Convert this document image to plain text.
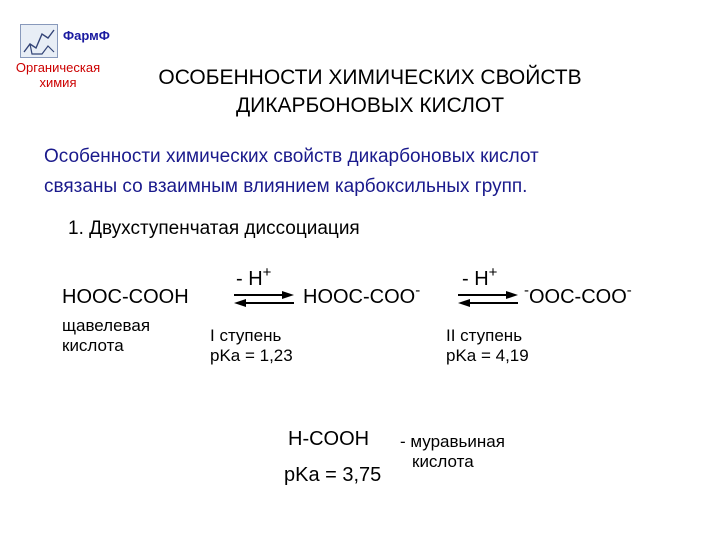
ФармФ
Органическая
химия	ОСОБЕННОСТИ ХИМИЧЕСКИХ СВОЙСТВ
ДИКАРБОНОВЫХ КИСЛОТ
Особенности химических свойств дикарбоновых кислот
связаны со взаимным влиянием карбоксильных групп.
1. Двухступенчатая диссоциация
HOOC-COOH
щавелевая
кислота
- H+
I ступень
pKa = 1,23
HOOC-COO-
- H+
II ступень
pKa = 4,19
-OOC-COO-
H-COOH
pKa = 3,75
- муравьиная
кислота
